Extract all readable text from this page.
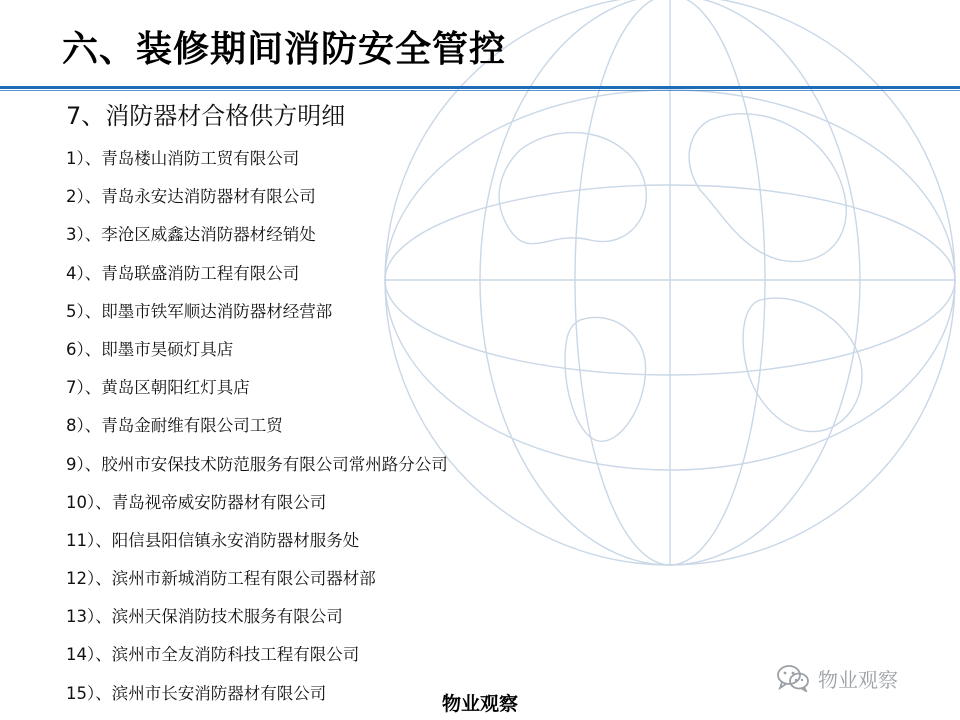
六、装修期间消防安全管控
7、消防器材合格供方明细
1）、青岛楼山消防工贸有限公司
2）、青岛永安达消防器材有限公司
3）、李沧区威鑫达消防器材经销处
4）、青岛联盛消防工程有限公司
5）、即墨市铁军顺达消防器材经营部
6）、即墨市昊硕灯具店
7）、黄岛区朝阳红灯具店
8）、青岛金耐维有限公司工贸
9）、胶州市安保技术防范服务有限公司常州路分公司
10）、青岛视帝威安防器材有限公司
11）、阳信县阳信镇永安消防器材服务处
12）、滨州市新城消防工程有限公司器材部
13）、滨州天保消防技术服务有限公司
14）、滨州市全友消防科技工程有限公司
15）、滨州市长安消防器材有限公司
物业观察
物业观察
